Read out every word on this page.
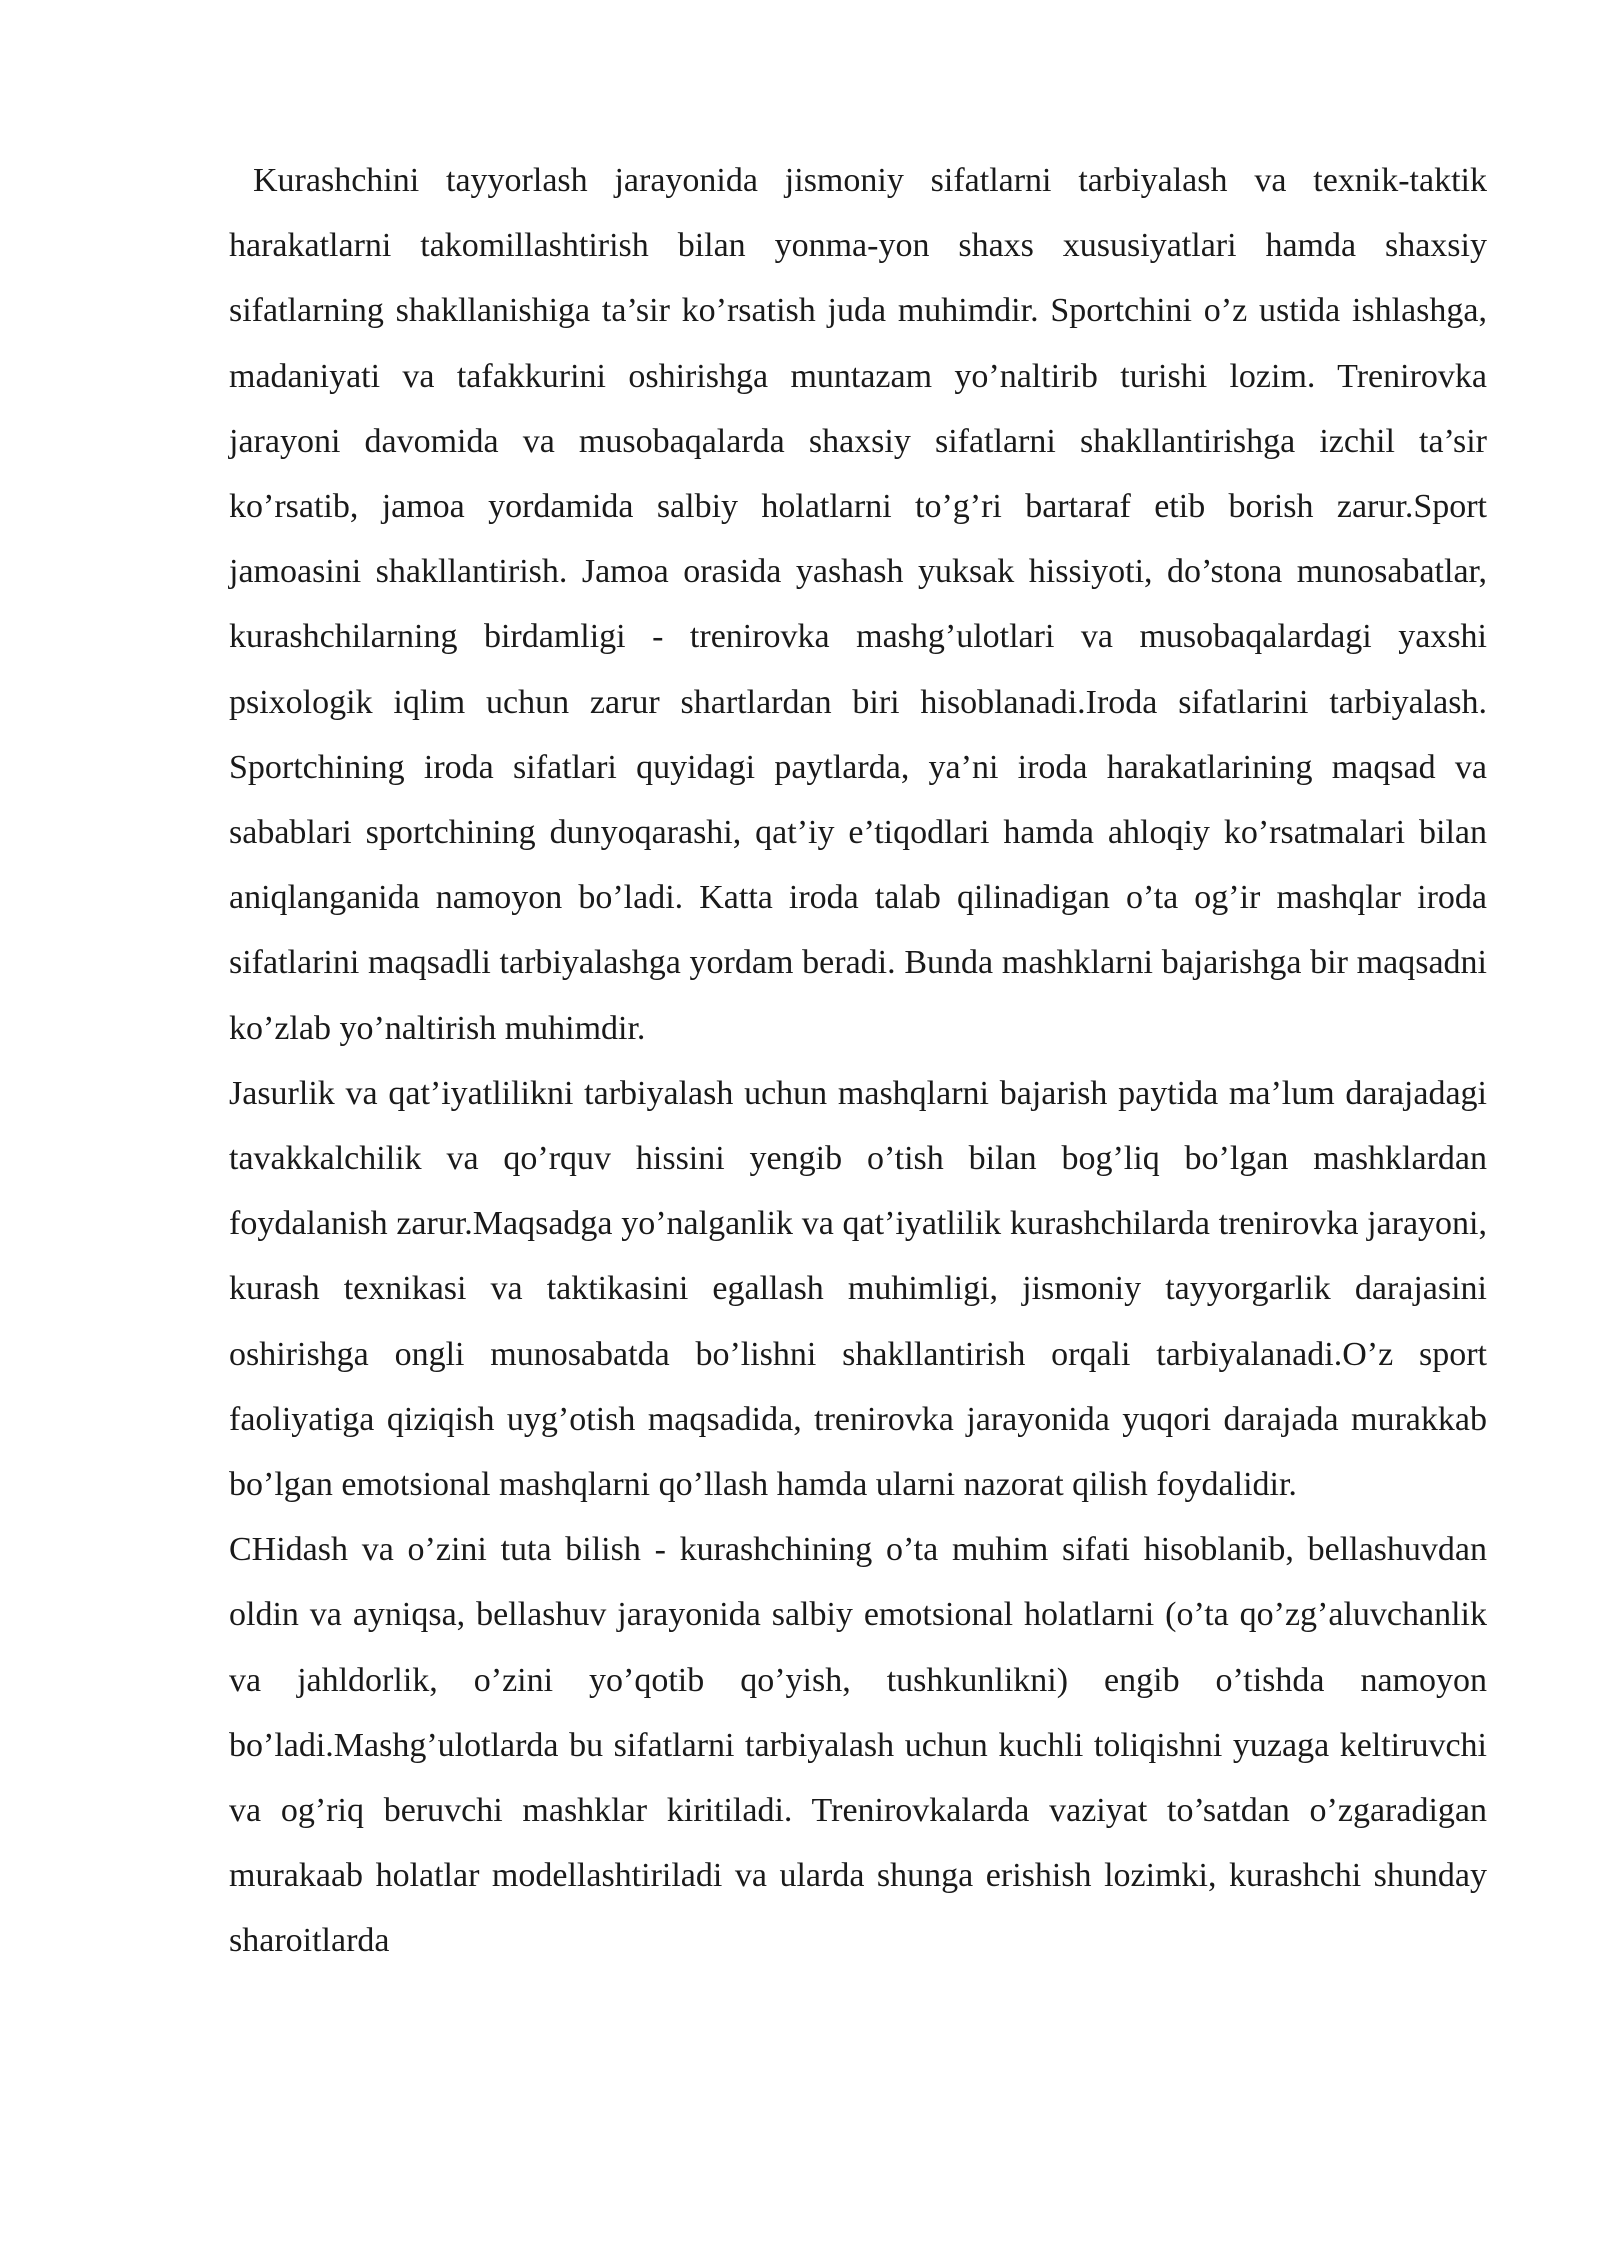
Kurashchini tayyorlash jarayonida jismoniy sifatlarni tarbiyalash va texnik-taktik harakatlarni takomillashtirish bilan yonma-yon shaxs xususiyatlari hamda shaxsiy sifatlarning shakllanishiga ta’sir ko’rsatish juda muhimdir. Sportchini o’z ustida ishlashga, madaniyati va tafakkurini oshirishga muntazam yo’naltirib turishi lozim. Trenirovka jarayoni davomida va musobaqalarda shaxsiy sifatlarni shakllantirishga izchil ta’sir ko’rsatib, jamoa yordamida salbiy holatlarni to’g’ri bartaraf etib borish zarur.Sport jamoasini shakllantirish. Jamoa orasida yashash yuksak hissiyoti, do’stona munosabatlar, kurashchilarning birdamligi - trenirovka mashg’ulotlari va musobaqalardagi yaxshi psixologik iqlim uchun zarur shartlardan biri hisoblanadi.Iroda sifatlarini tarbiyalash. Sportchining iroda sifatlari quyidagi paytlarda, ya’ni iroda harakatlarining maqsad va sabablari sportchining dunyoqarashi, qat’iy e’tiqodlari hamda ahloqiy ko’rsatmalari bilan aniqlanganida namoyon bo’ladi. Katta iroda talab qilinadigan o’ta og’ir mashqlar iroda sifatlarini maqsadli tarbiyalashga yordam beradi. Bunda mashklarni bajarishga bir maqsadni ko’zlab yo’naltirish muhimdir.

Jasurlik va qat’iyatlilikni tarbiyalash uchun mashqlarni bajarish paytida ma’lum darajadagi tavakkalchilik va qo’rquv hissini yengib o’tish bilan bog’liq bo’lgan mashklardan foydalanish zarur.Maqsadga yo’nalganlik va qat’iyatlilik kurashchilarda trenirovka jarayoni, kurash texnikasi va taktikasini egallash muhimligi, jismoniy tayyorgarlik darajasini oshirishga ongli munosabatda bo’lishni shakllantirish orqali tarbiyalanadi.O’z sport faoliyatiga qiziqish uyg’otish maqsadida, trenirovka jarayonida yuqori darajada murakkab bo’lgan emotsional mashqlarni qo’llash hamda ularni nazorat qilish foydalidir.

CHidash va o’zini tuta bilish - kurashchining o’ta muhim sifati hisoblanib, bellashuvdan oldin va ayniqsa, bellashuv jarayonida salbiy emotsional holatlarni (o’ta qo’zg’aluvchanlik va jahldorlik, o’zini yo’qotib qo’yish, tushkunlikni) engib o’tishda namoyon bo’ladi.Mashg’ulotlarda bu sifatlarni tarbiyalash uchun kuchli toliqishni yuzaga keltiruvchi va og’riq beruvchi mashklar kiritiladi. Trenirovkalarda vaziyat to’satdan o’zgaradigan murakaab holatlar modellashtiriladi va ularda shunga erishish lozimki, kurashchi shunday sharoitlarda
